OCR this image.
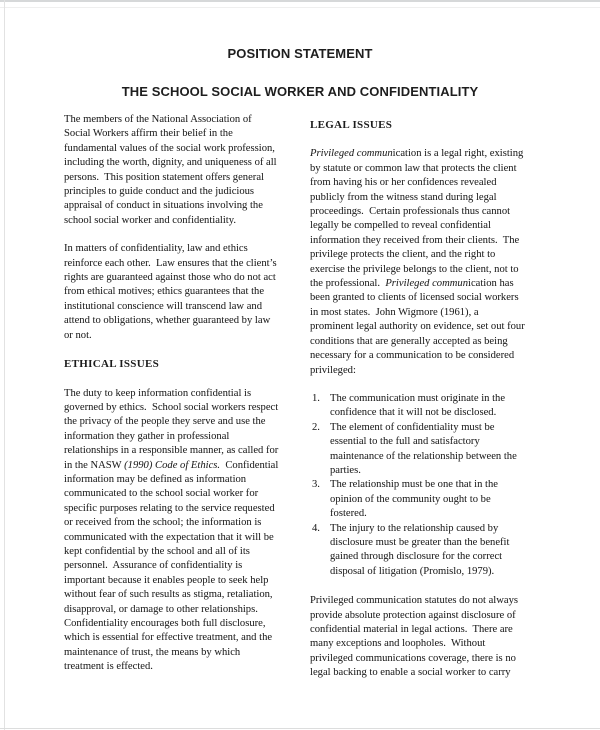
POSITION STATEMENT
THE SCHOOL SOCIAL WORKER AND CONFIDENTIALITY

The members of the National Association of
Social Workers affirm their belief in the
fundamental values of the social work profession,
including the worth, dignity, and uniqueness of all
persons.  This position statement offers general
principles to guide conduct and the judicious
appraisal of conduct in situations involving the
school social worker and confidentiality.

In matters of confidentiality, law and ethics
reinforce each other.  Law ensures that the client’s
rights are guaranteed against those who do not act
from ethical motives; ethics guarantees that the
institutional conscience will transcend law and
attend to obligations, whether guaranteed by law
or not.

ETHICAL ISSUES

The duty to keep information confidential is
governed by ethics.  School social workers respect
the privacy of the people they serve and use the
information they gather in professional
relationships in a responsible manner, as called for
in the NASW (1990) Code of Ethics.  Confidential
information may be defined as information
communicated to the school social worker for
specific purposes relating to the service requested
or received from the school; the information is
communicated with the expectation that it will be
kept confidential by the school and all of its
personnel.  Assurance of confidentiality is
important because it enables people to seek help
without fear of such results as stigma, retaliation,
disapproval, or damage to other relationships.
Confidentiality encourages both full disclosure,
which is essential for effective treatment, and the
maintenance of trust, the means by which
treatment is effected.

LEGAL ISSUES

Privileged communication is a legal right, existing
by statute or common law that protects the client
from having his or her confidences revealed
publicly from the witness stand during legal
proceedings.  Certain professionals thus cannot
legally be compelled to reveal confidential
information they received from their clients.  The
privilege protects the client, and the right to
exercise the privilege belongs to the client, not to
the professional.  Privileged communication has
been granted to clients of licensed social workers
in most states.  John Wigmore (1961), a
prominent legal authority on evidence, set out four
conditions that are generally accepted as being
necessary for a communication to be considered
privileged:

1. The communication must originate in the
confidence that it will not be disclosed.
2. The element of confidentiality must be
essential to the full and satisfactory
maintenance of the relationship between the
parties.
3. The relationship must be one that in the
opinion of the community ought to be
fostered.
4. The injury to the relationship caused by
disclosure must be greater than the benefit
gained through disclosure for the correct
disposal of litigation (Promislo, 1979).

Privileged communication statutes do not always
provide absolute protection against disclosure of
confidential material in legal actions.  There are
many exceptions and loopholes.  Without
privileged communications coverage, there is no
legal backing to enable a social worker to carry
